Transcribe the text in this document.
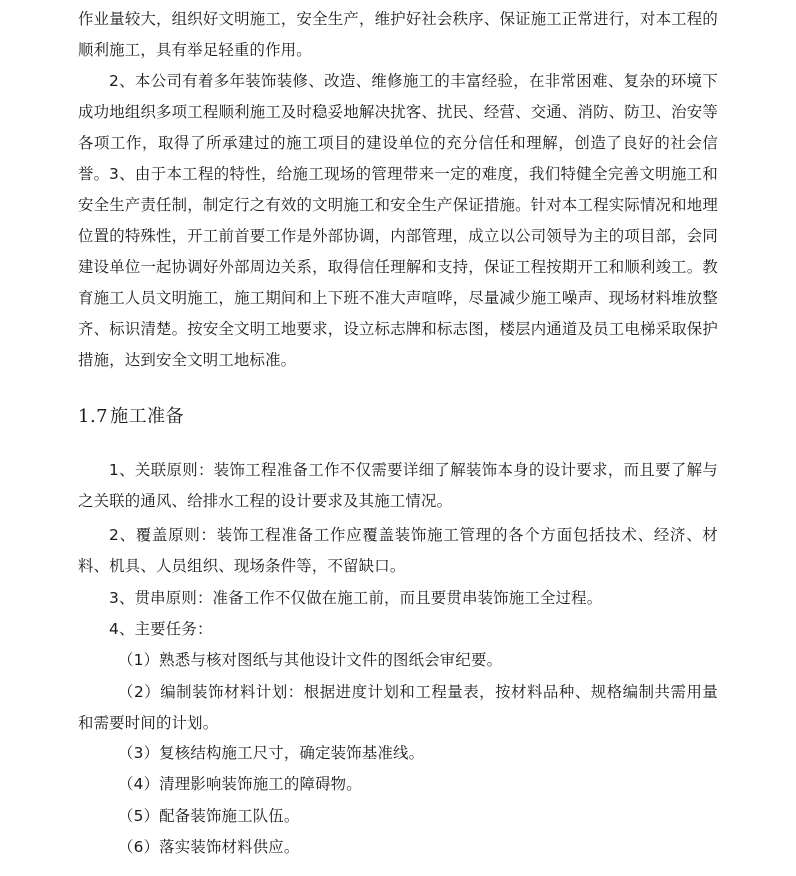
作业量较大，组织好文明施工，安全生产，维护好社会秩序、保证施工正常进行，对本工程的顺利施工，具有举足轻重的作用。

2、本公司有着多年装饰装修、改造、维修施工的丰富经验，在非常困难、复杂的环境下成功地组织多项工程顺利施工及时稳妥地解决扰客、扰民、经营、交通、消防、防卫、治安等各项工作，取得了所承建过的施工项目的建设单位的充分信任和理解，创造了良好的社会信誉。 3、由于本工程的特性，给施工现场的管理带来一定的难度，我们特健全完善文明施工和安全生产责任制，制定行之有效的文明施工和安全生产保证措施。针对本工程实际情况和地理位置的特殊性，开工前首要工作是外部协调，内部管理，成立以公司领导为主的项目部，会同建设单位一起协调好外部周边关系，取得信任理解和支持，保证工程按期开工和顺利竣工。教育施工人员文明施工，施工期间和上下班不准大声喧哗，尽量减少施工噪声、现场材料堆放整齐、标识清楚。按安全文明工地要求，设立标志牌和标志图，楼层内通道及员工电梯采取保护措施，达到安全文明工地标准。

1.7 施工准备

1、关联原则：装饰工程准备工作不仅需要详细了解装饰本身的设计要求，而且要了解与之关联的通风、给排水工程的设计要求及其施工情况。

2、覆盖原则：装饰工程准备工作应覆盖装饰施工管理的各个方面包括技术、经济、材料、机具、人员组织、现场条件等，不留缺口。

3、贯串原则：准备工作不仅做在施工前，而且要贯串装饰施工全过程。

4、主要任务：

（1）熟悉与核对图纸与其他设计文件的图纸会审纪要。

（2）编制装饰材料计划：根据进度计划和工程量表，按材料品种、规格编制共需用量和需要时间的计划。

（3）复核结构施工尺寸，确定装饰基准线。

（4）清理影响装饰施工的障碍物。

（5）配备装饰施工队伍。

（6）落实装饰材料供应。
